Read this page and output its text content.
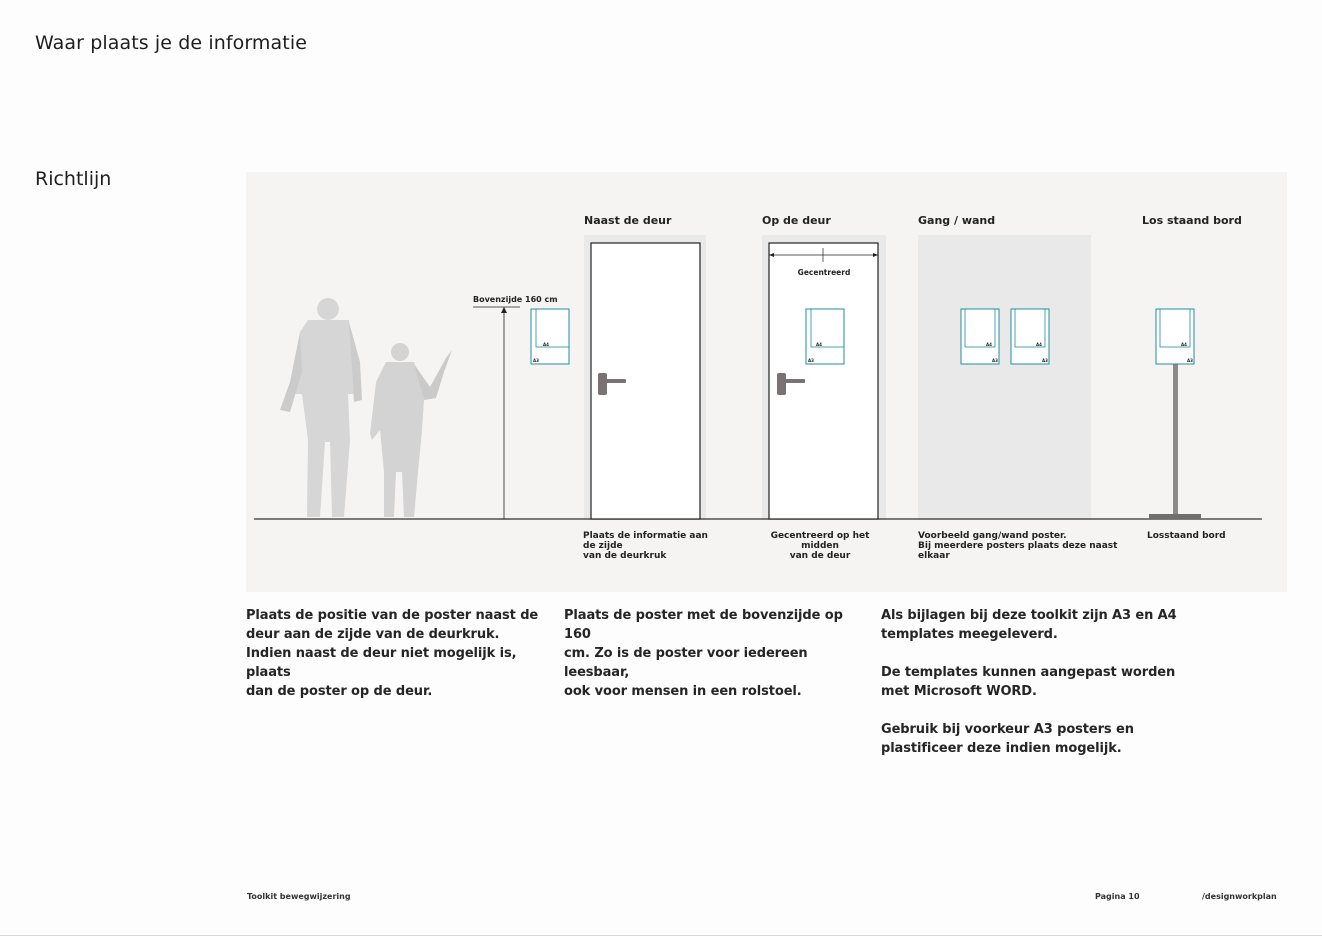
Waar plaats je de informatie
Richtlijn
Bovenzijde 160 cm
A4
A3
Gecentreerd
A4
A3
A4
A3
A4
A3
A4
A3
Naast de deur	Op de deur	Gang / wand	Los staand bord
Plaats de informatie aan de zijde
van de deurkruk
Gecentreerd op het midden
van de deur
Voorbeeld gang/wand poster.
Bij meerdere posters plaats deze naast elkaar
Losstaand bord
Plaats de positie van de poster naast de
deur aan de zijde van de deurkruk.
Indien naast de deur niet mogelijk is, plaats
dan de poster op de deur.
Plaats de poster met de bovenzijde op 160
cm. Zo is de poster voor iedereen leesbaar,
ook voor mensen in een rolstoel.
Als bijlagen bij deze toolkit zijn A3 en A4
templates meegeleverd.

De templates kunnen aangepast worden
met Microsoft WORD.

Gebruik bij voorkeur A3 posters en
plastificeer deze indien mogelijk.
Toolkit bewegwijzering	Pagina 10	/designworkplan
